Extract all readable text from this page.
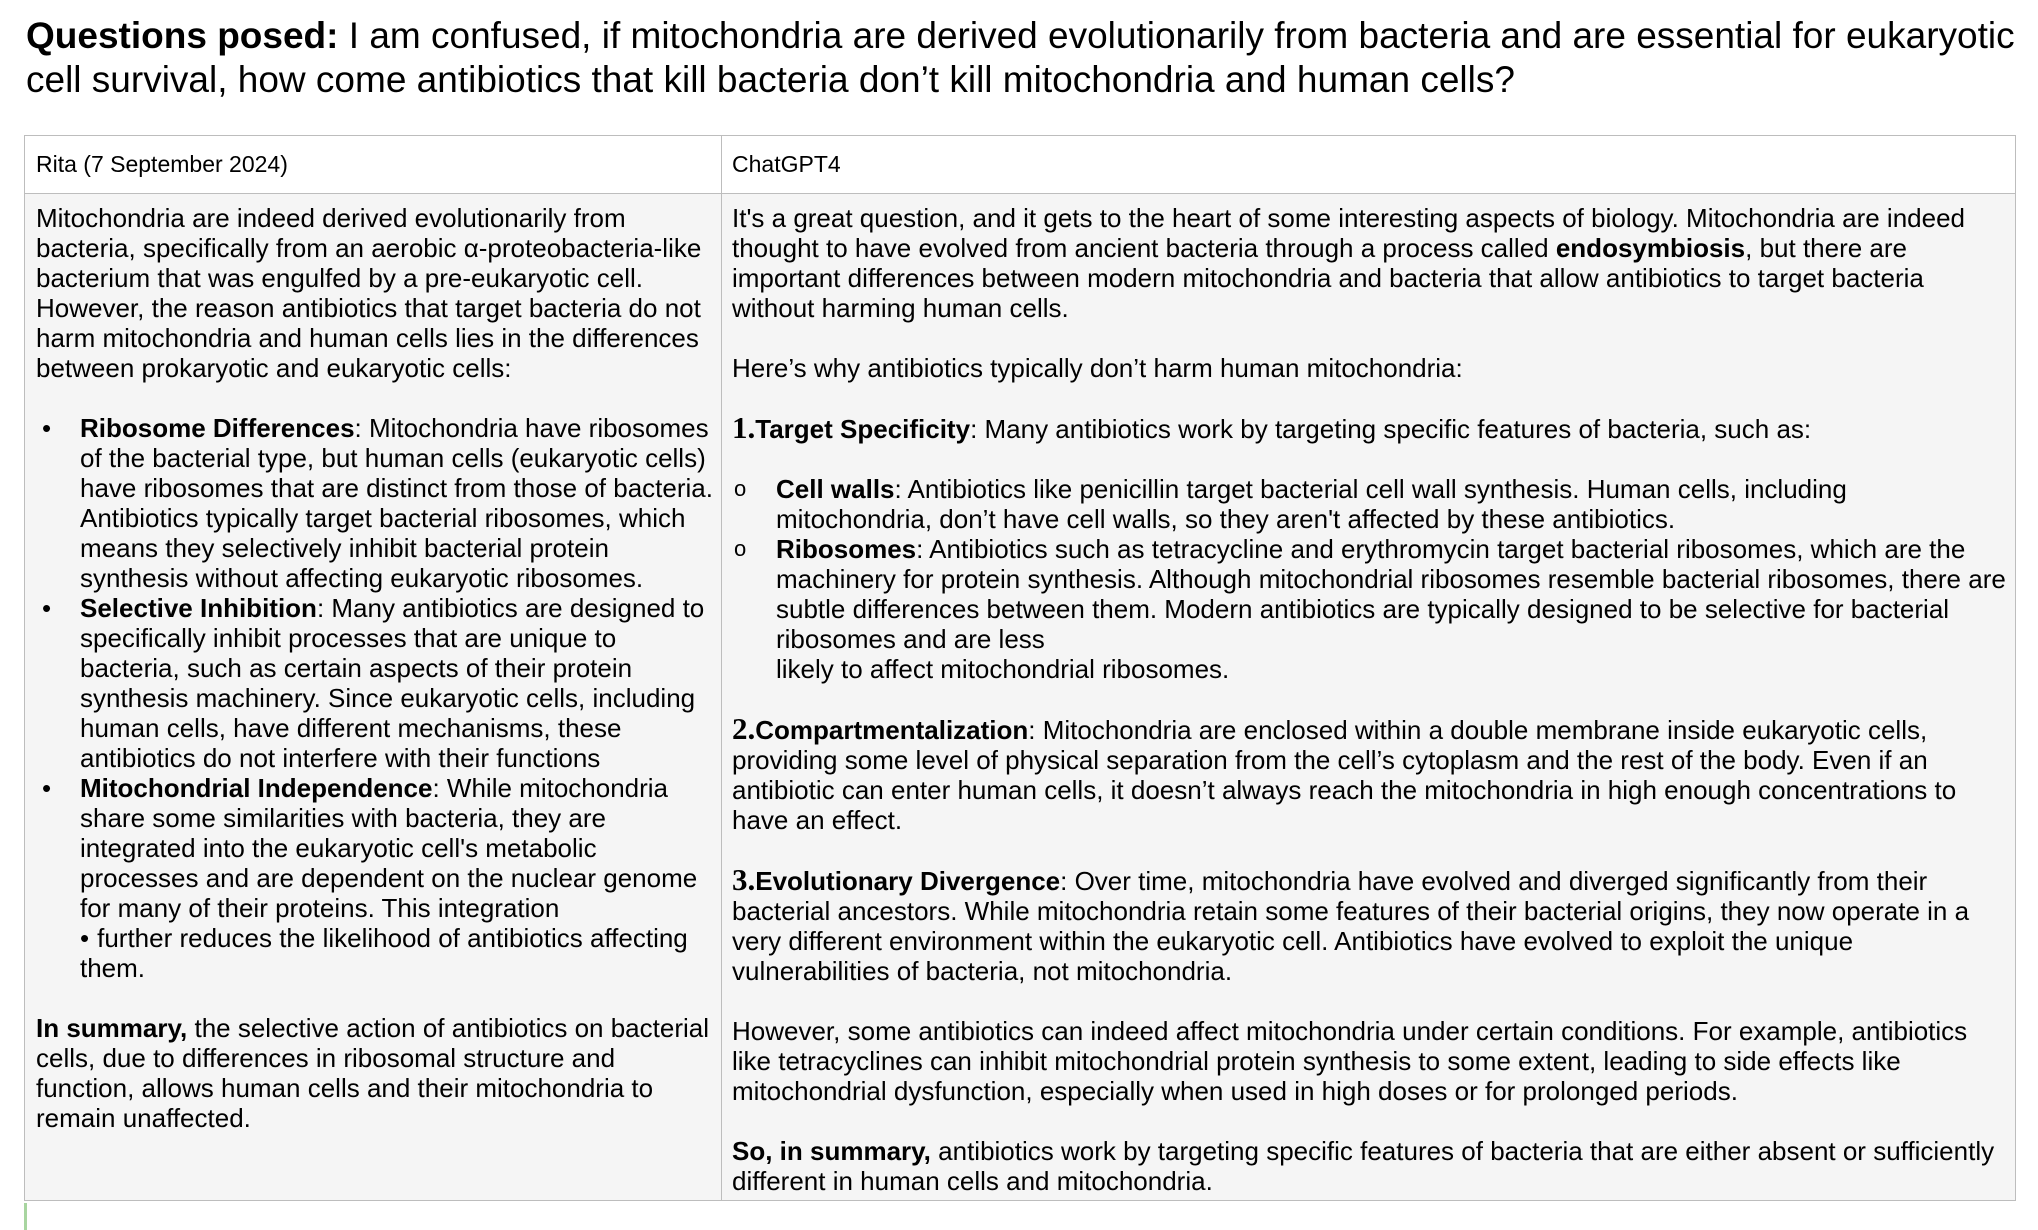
Questions posed: I am confused, if mitochondria are derived evolutionarily from bacteria and are essential for eukaryotic cell survival, how come antibiotics that kill bacteria don’t kill mitochondria and human cells?
Rita (7 September 2024)	ChatGPT4

Mitochondria are indeed derived evolutionarily from bacteria, specifically from an aerobic α-proteobacteria-like bacterium that was engulfed by a pre-eukaryotic cell. However, the reason antibiotics that target bacteria do not harm mitochondria and human cells lies in the differences between prokaryotic and eukaryotic cells:

• Ribosome Differences: Mitochondria have ribosomes of the bacterial type, but human cells (eukaryotic cells) have ribosomes that are distinct from those of bacteria. Antibiotics typically target bacterial ribosomes, which means they selectively inhibit bacterial protein synthesis without affecting eukaryotic ribosomes.
• Selective Inhibition: Many antibiotics are designed to specifically inhibit processes that are unique to bacteria, such as certain aspects of their protein synthesis machinery. Since eukaryotic cells, including human cells, have different mechanisms, these antibiotics do not interfere with their functions
• Mitochondrial Independence: While mitochondria share some similarities with bacteria, they are integrated into the eukaryotic cell's metabolic processes and are dependent on the nuclear genome for many of their proteins. This integration
• further reduces the likelihood of antibiotics affecting them.

In summary, the selective action of antibiotics on bacterial cells, due to differences in ribosomal structure and function, allows human cells and their mitochondria to remain unaffected.

It's a great question, and it gets to the heart of some interesting aspects of biology. Mitochondria are indeed thought to have evolved from ancient bacteria through a process called endosymbiosis, but there are important differences between modern mitochondria and bacteria that allow antibiotics to target bacteria without harming human cells.

Here’s why antibiotics typically don’t harm human mitochondria:

1.Target Specificity: Many antibiotics work by targeting specific features of bacteria, such as:

o Cell walls: Antibiotics like penicillin target bacterial cell wall synthesis. Human cells, including mitochondria, don’t have cell walls, so they aren't affected by these antibiotics.
o Ribosomes: Antibiotics such as tetracycline and erythromycin target bacterial ribosomes, which are the machinery for protein synthesis. Although mitochondrial ribosomes resemble bacterial ribosomes, there are subtle differences between them. Modern antibiotics are typically designed to be selective for bacterial ribosomes and are less
likely to affect mitochondrial ribosomes.

2.Compartmentalization: Mitochondria are enclosed within a double membrane inside eukaryotic cells, providing some level of physical separation from the cell’s cytoplasm and the rest of the body. Even if an antibiotic can enter human cells, it doesn’t always reach the mitochondria in high enough concentrations to have an effect.

3.Evolutionary Divergence: Over time, mitochondria have evolved and diverged significantly from their bacterial ancestors. While mitochondria retain some features of their bacterial origins, they now operate in a very different environment within the eukaryotic cell. Antibiotics have evolved to exploit the unique vulnerabilities of bacteria, not mitochondria.

However, some antibiotics can indeed affect mitochondria under certain conditions. For example, antibiotics like tetracyclines can inhibit mitochondrial protein synthesis to some extent, leading to side effects like mitochondrial dysfunction, especially when used in high doses or for prolonged periods.

So, in summary, antibiotics work by targeting specific features of bacteria that are either absent or sufficiently different in human cells and mitochondria.
